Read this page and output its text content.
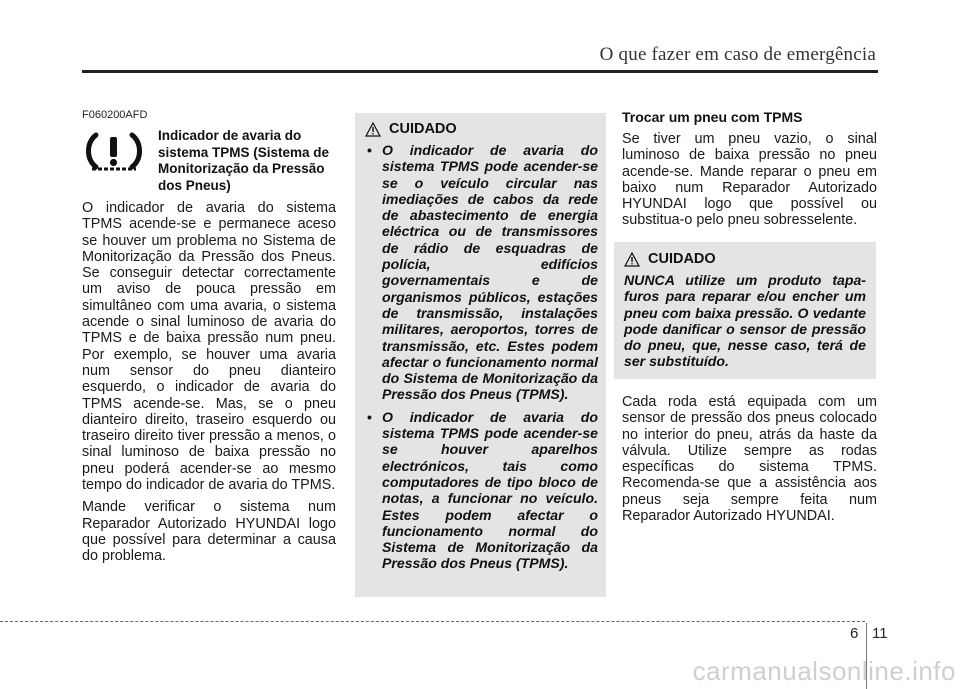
O que fazer em caso de emergência
F060200AFD
Indicador de avaria do sistema TPMS (Sistema de Monitorização da Pressão dos Pneus)

O indicador de avaria do sistema TPMS acende-se e permanece aceso se houver um problema no Sistema de Monitorização da Pressão dos Pneus. Se conseguir detectar correctamente um aviso de pouca pressão em simultâneo com uma avaria, o sistema acende o sinal luminoso de avaria do TPMS e de baixa pressão num pneu. Por exemplo, se houver uma avaria num sensor do pneu dianteiro esquerdo, o indicador de avaria do TPMS acende-se. Mas, se o pneu dianteiro direito, traseiro esquerdo ou traseiro direito tiver pressão a menos, o sinal luminoso de baixa pressão no pneu poderá acender-se ao mesmo tempo do indicador de avaria do TPMS.

Mande verificar o sistema num Reparador Autorizado HYUNDAI logo que possível para determinar a causa do problema.

CUIDADO
• O indicador de avaria do sistema TPMS pode acender-se se o veículo circular nas imediações de cabos da rede de abastecimento de energia eléctrica ou de transmissores de rádio de esquadras de polícia, edifícios governamentais e de organismos públicos, estações de transmissão, instalações militares, aeroportos, torres de transmissão, etc. Estes podem afectar o funcionamento normal do Sistema de Monitorização da Pressão dos Pneus (TPMS).
• O indicador de avaria do sistema TPMS pode acender-se se houver aparelhos electrónicos, tais como computadores de tipo bloco de notas, a funcionar no veículo. Estes podem afectar o funcionamento normal do Sistema de Monitorização da Pressão dos Pneus (TPMS).
Trocar um pneu com TPMS
Se tiver um pneu vazio, o sinal luminoso de baixa pressão no pneu acende-se. Mande reparar o pneu em baixo num Reparador Autorizado HYUNDAI logo que possível ou substitua-o pelo pneu sobresselente.
CUIDADO
NUNCA utilize um produto tapa-furos para reparar e/ou encher um pneu com baixa pressão. O vedante pode danificar o sensor de pressão do pneu, que, nesse caso, terá de ser substituído.
Cada roda está equipada com um sensor de pressão dos pneus colocado no interior do pneu, atrás da haste da válvula. Utilize sempre as rodas específicas do sistema TPMS. Recomenda-se que a assistência aos pneus seja sempre feita num Reparador Autorizado HYUNDAI.
6 11
carmanualsonline.info
